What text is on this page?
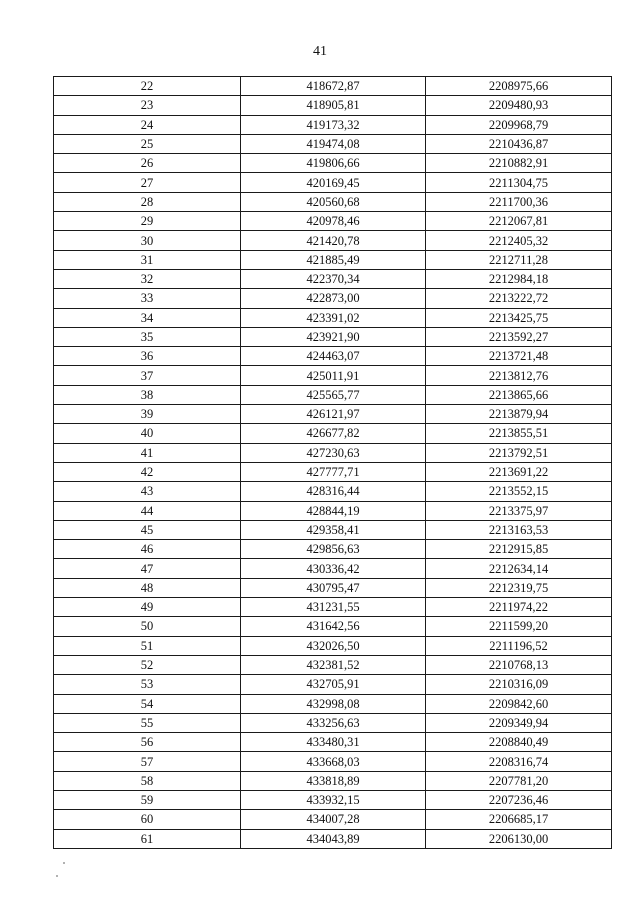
41
22	418672,87	2208975,66
23	418905,81	2209480,93
24	419173,32	2209968,79
25	419474,08	2210436,87
26	419806,66	2210882,91
27	420169,45	2211304,75
28	420560,68	2211700,36
29	420978,46	2212067,81
30	421420,78	2212405,32
31	421885,49	2212711,28
32	422370,34	2212984,18
33	422873,00	2213222,72
34	423391,02	2213425,75
35	423921,90	2213592,27
36	424463,07	2213721,48
37	425011,91	2213812,76
38	425565,77	2213865,66
39	426121,97	2213879,94
40	426677,82	2213855,51
41	427230,63	2213792,51
42	427777,71	2213691,22
43	428316,44	2213552,15
44	428844,19	2213375,97
45	429358,41	2213163,53
46	429856,63	2212915,85
47	430336,42	2212634,14
48	430795,47	2212319,75
49	431231,55	2211974,22
50	431642,56	2211599,20
51	432026,50	2211196,52
52	432381,52	2210768,13
53	432705,91	2210316,09
54	432998,08	2209842,60
55	433256,63	2209349,94
56	433480,31	2208840,49
57	433668,03	2208316,74
58	433818,89	2207781,20
59	433932,15	2207236,46
60	434007,28	2206685,17
61	434043,89	2206130,00
